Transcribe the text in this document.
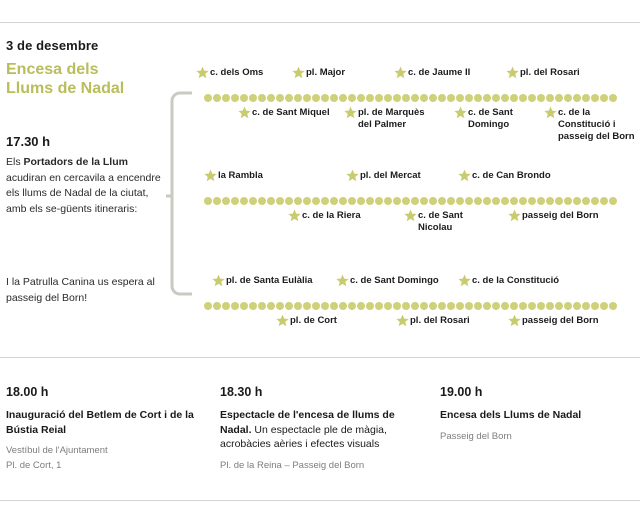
3 de desembre
Encesa dels
Llums de Nadal
17.30 h
Els Portadors de la Llum acudiran en cercavila a encendre els llums de Nadal de la ciutat, amb els se-güents itineraris:
I la Patrulla Canina us espera al passeig del Born!
c. dels Oms	pl. Major	c. de Jaume II	pl. del Rosari
c. de Sant Miquel	pl. de Marquès del Palmer
c. de Sant Domingo
c. de la Constitució i passeig del Born
la Rambla	pl. del Mercat	c. de Can Brondo
c. de la Riera	c. de Sant Nicolau
passeig del Born
pl. de Santa Eulàlia	c. de Sant Domingo	c. de la Constitució
pl. de Cort	pl. del Rosari	passeig del Born
18.00 h
Inauguració del Betlem de Cort i de la Bústia Reial
Vestíbul de l'Ajuntament
Pl. de Cort, 1
18.30 h
Espectacle de l'encesa de llums de Nadal. Un espectacle ple de màgia, acrobàcies aèries i efectes visuals
Pl. de la Reina – Passeig del Born
19.00 h
Encesa dels Llums de Nadal
Passeig del Born
